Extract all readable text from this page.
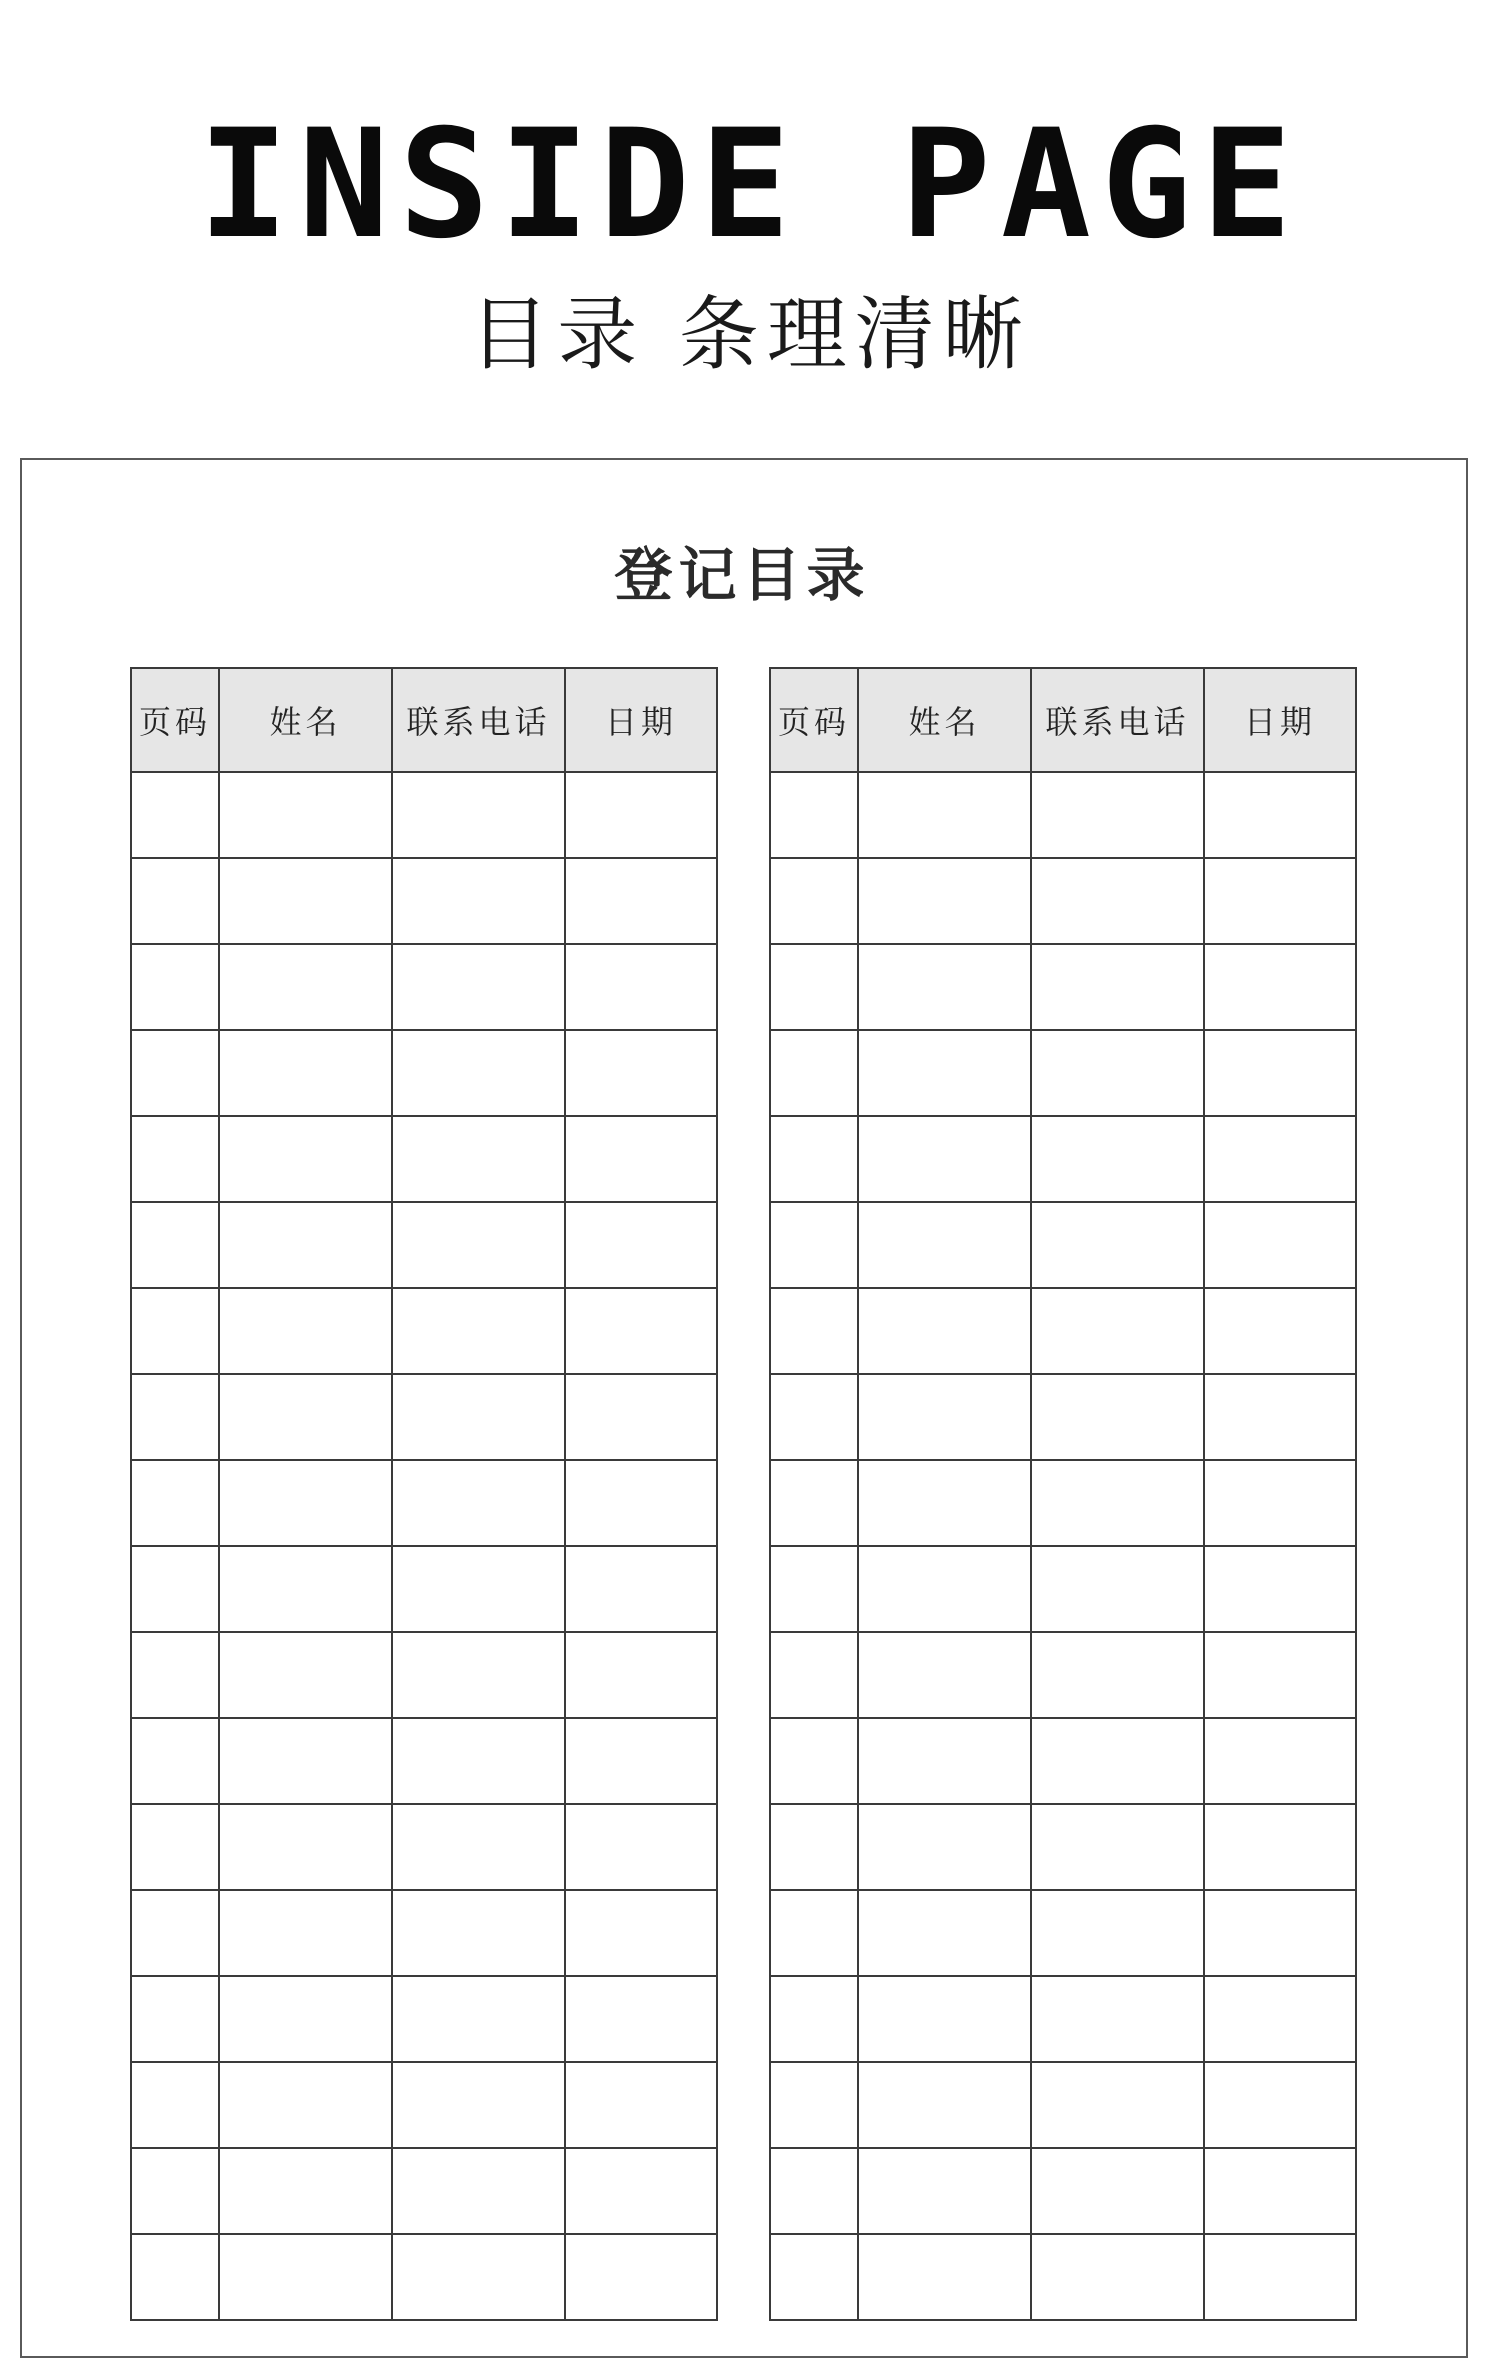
INSIDE PAGE
目录 条理清晰
登记目录
页码	姓名	联系电话	日期

				页码	姓名	联系电话	日期
